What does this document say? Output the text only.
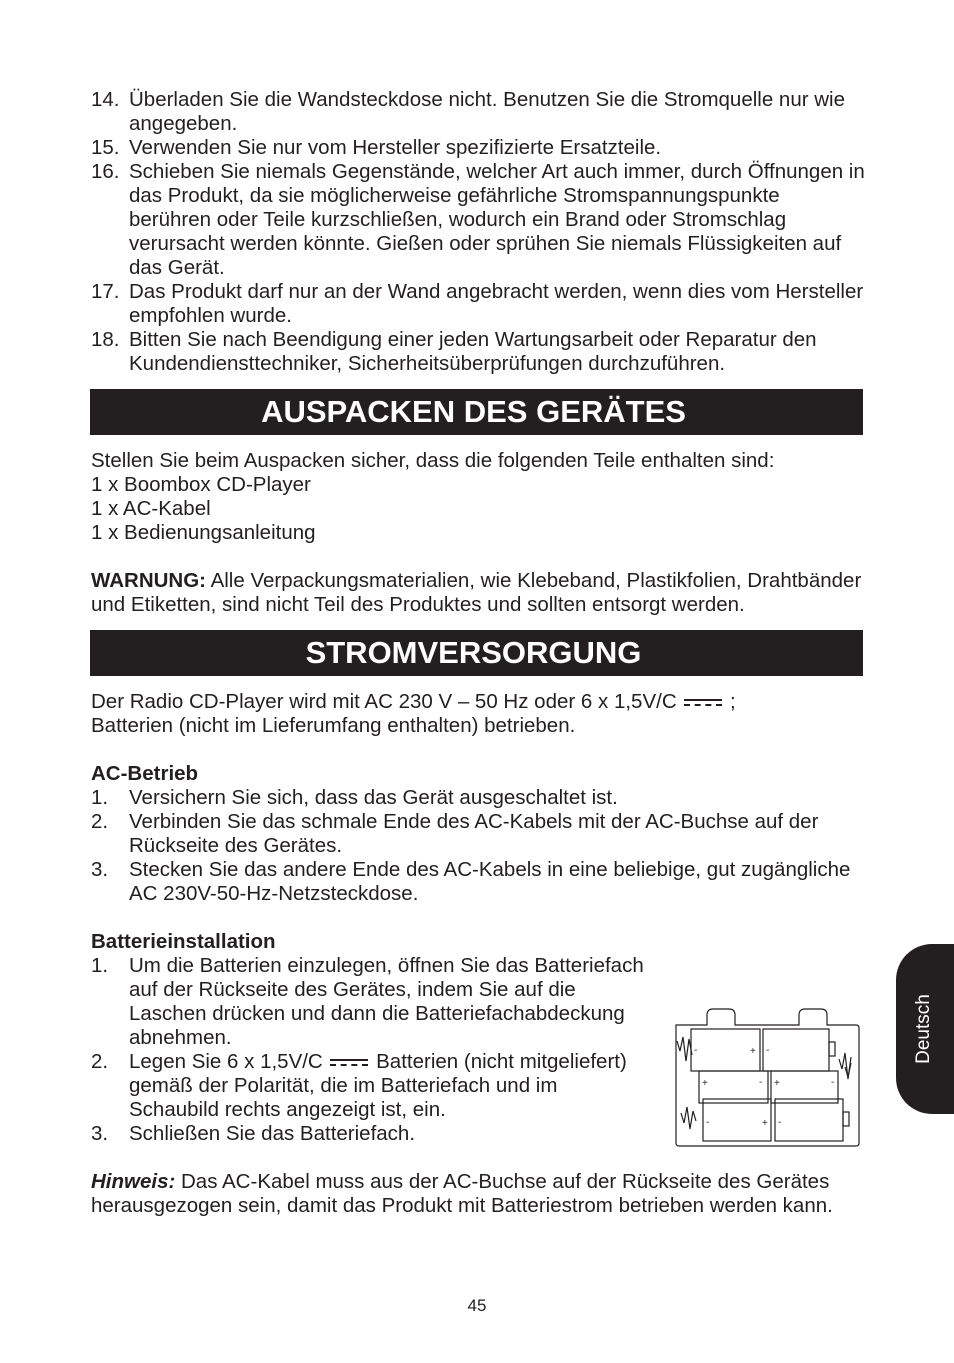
14. Überladen Sie die Wandsteckdose nicht. Benutzen Sie die Stromquelle nur wie angegeben.
15. Verwenden Sie nur vom Hersteller spezifizierte Ersatzteile.
16. Schieben Sie niemals Gegenstände, welcher Art auch immer, durch Öffnungen in das Produkt, da sie möglicherweise gefährliche Stromspannungspunkte berühren oder Teile kurzschließen, wodurch ein Brand oder Stromschlag verursacht werden könnte. Gießen oder sprühen Sie niemals Flüssigkeiten auf das Gerät.
17. Das Produkt darf nur an der Wand angebracht werden, wenn dies vom Hersteller empfohlen wurde.
18. Bitten Sie nach Beendigung einer jeden Wartungsarbeit oder Reparatur den Kundendiensttechniker, Sicherheitsüberprüfungen durchzuführen.
AUSPACKEN DES GERÄTES

Stellen Sie beim Auspacken sicher, dass die folgenden Teile enthalten sind:

1 x Boombox CD-Player

1 x AC-Kabel

1 x Bedienungsanleitung

WARNUNG: Alle Verpackungsmaterialien, wie Klebeband, Plastikfolien, Drahtbänder und Etiketten, sind nicht Teil des Produktes und sollten entsorgt werden.

STROMVERSORGUNG

Der Radio CD-Player wird mit AC 230 V – 50 Hz oder 6 x 1,5V/C
;

Batterien (nicht im Lieferumfang enthalten) betrieben.

AC-Betrieb

1. Versichern Sie sich, dass das Gerät ausgeschaltet ist.
2. Verbinden Sie das schmale Ende des AC-Kabels mit der AC-Buchse auf der Rückseite des Gerätes.
3. Stecken Sie das andere Ende des AC-Kabels in eine beliebige, gut zugängliche AC 230V-50-Hz-Netzsteckdose.

Batterieinstallation

1. Um die Batterien einzulegen, öffnen Sie das Batteriefach auf der Rückseite des Gerätes, indem Sie auf die Laschen drücken und dann die Batteriefachabdeckung abnehmen.
2. Legen Sie 6 x 1,5V/C
Batterien (nicht mitgeliefert) gemäß der Polarität, die im Batteriefach und im Schaubild rechts angezeigt ist, ein.
3. Schließen Sie das Batteriefach.

Hinweis: Das AC-Kabel muss aus der AC-Buchse auf der Rückseite des Gerätes herausgezogen sein, damit das Produkt mit Batteriestrom betrieben werden kann.

-	+ -
+	- +	-
-	+ -
Deutsch
45
